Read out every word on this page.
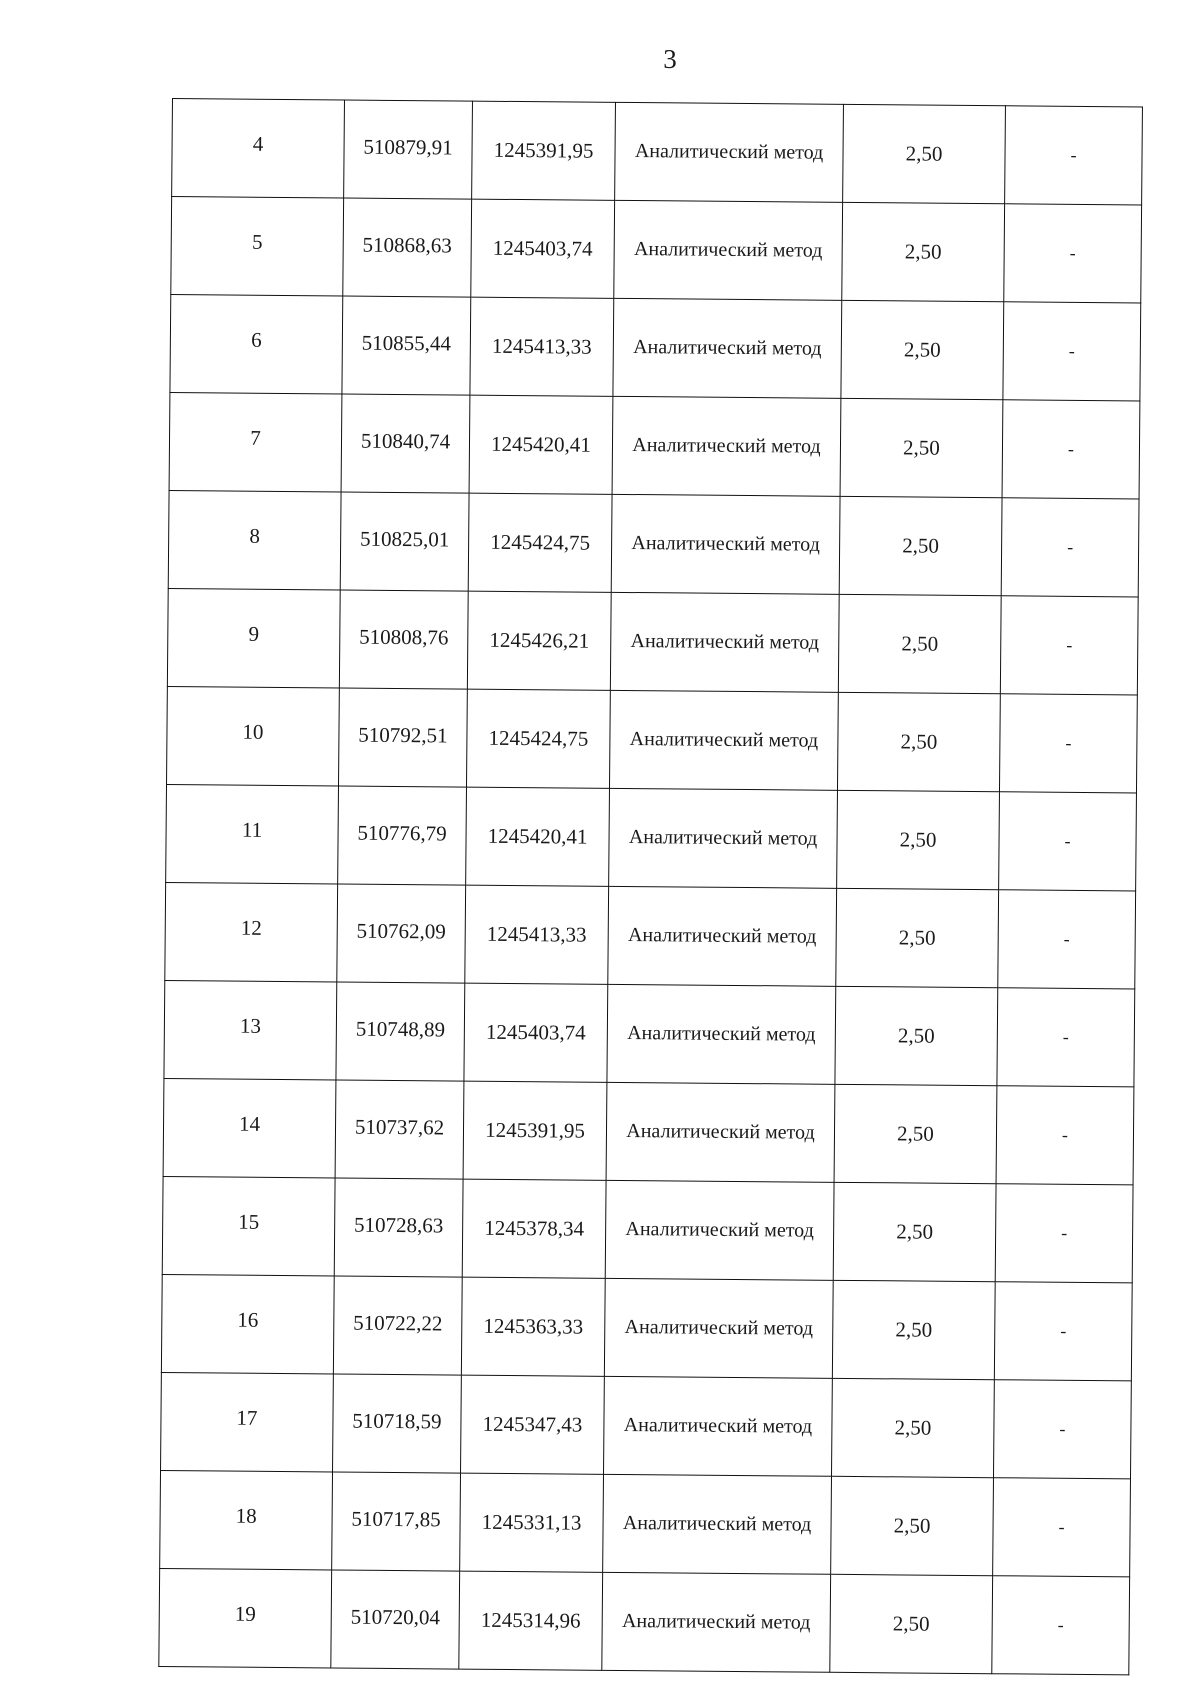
3
4	510879,91	1245391,95	Аналитический метод	2,50	-
5	510868,63	1245403,74	Аналитический метод	2,50	-
6	510855,44	1245413,33	Аналитический метод	2,50	-
7	510840,74	1245420,41	Аналитический метод	2,50	-
8	510825,01	1245424,75	Аналитический метод	2,50	-
9	510808,76	1245426,21	Аналитический метод	2,50	-
10	510792,51	1245424,75	Аналитический метод	2,50	-
11	510776,79	1245420,41	Аналитический метод	2,50	-
12	510762,09	1245413,33	Аналитический метод	2,50	-
13	510748,89	1245403,74	Аналитический метод	2,50	-
14	510737,62	1245391,95	Аналитический метод	2,50	-
15	510728,63	1245378,34	Аналитический метод	2,50	-
16	510722,22	1245363,33	Аналитический метод	2,50	-
17	510718,59	1245347,43	Аналитический метод	2,50	-
18	510717,85	1245331,13	Аналитический метод	2,50	-
19	510720,04	1245314,96	Аналитический метод	2,50	-
